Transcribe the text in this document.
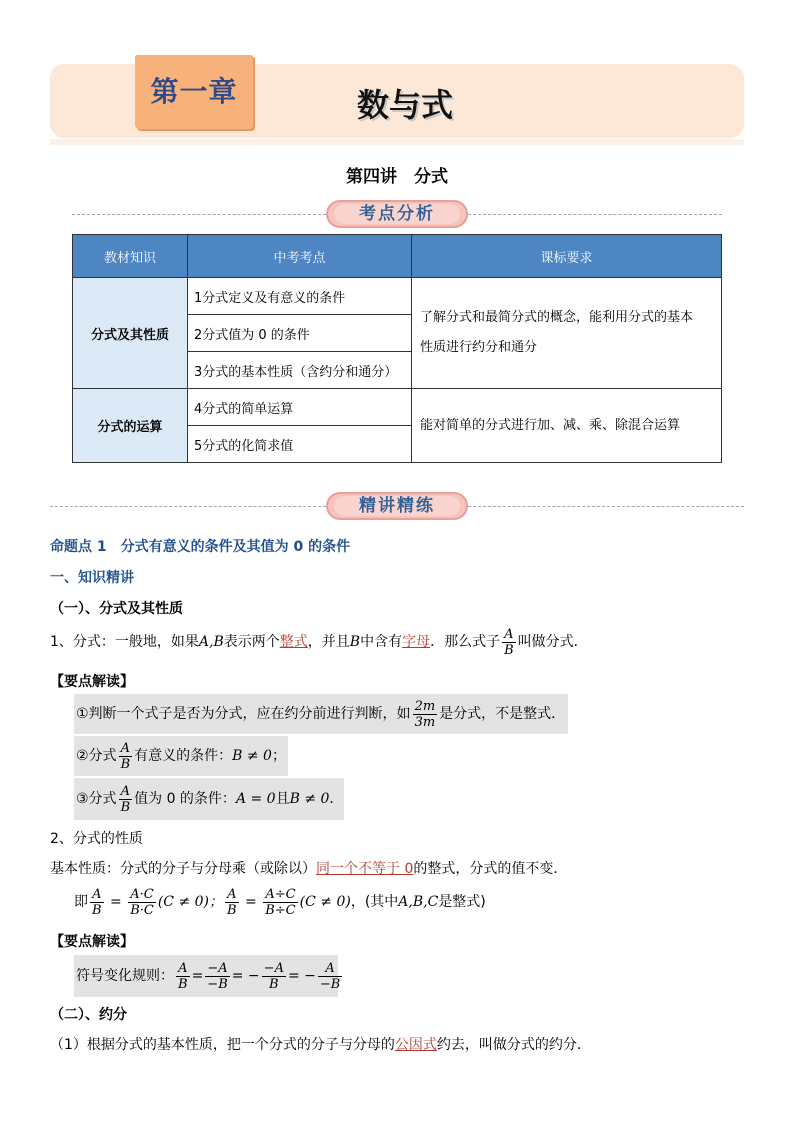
第一章	数与式
第四讲　分式
考点分析
教材知识	中考考点	课标要求
分式及其性质	1分式定义及有意义的条件	了解分式和最简分式的概念，能利用分式的基本
性质进行约分和通分

	2分式值为 0 的条件	
	3分式的基本性质（含约分和通分）	
分式的运算	4分式的简单运算	能对简单的分式进行加、减、乘、除混合运算

	5分式的化简求值	
精讲精练
命题点 1　分式有意义的条件及其值为 0 的条件
一、知识精讲
（一）、分式及其性质
1、分式：一般地，如果A,B表示两个整式，并且B中含有字母．那么式子 $\frac{A}{B}$ 叫做分式．
【要点解读】
①判断一个式子是否为分式，应在约分前进行判断，如 $\frac{2m}{3m}$ 是分式，不是整式．
②分式 $\frac{A}{B}$ 有意义的条件：B ≠ 0；
③分式 $\frac{A}{B}$ 值为 0 的条件：A = 0且B ≠ 0．
2、分式的性质
基本性质：分式的分子与分母乘（或除以）同一个不等于 0的整式，分式的值不变．
即 $\frac{A}{B} = \frac{A\cdot C}{B\cdot C} (C \ne 0)$； $\frac{A}{B} = \frac{A\div C}{B\div C} (C \ne 0)$，(其中A,B,C是整式)
【要点解读】
符号变化规则： $\frac{A}{B} = \frac{-A}{-B}$ = − $\frac{-A}{B}$ = − $\frac{A}{-B}$
（二）、约分
（1）根据分式的基本性质，把一个分式的分子与分母的公因式约去，叫做分式的约分．
